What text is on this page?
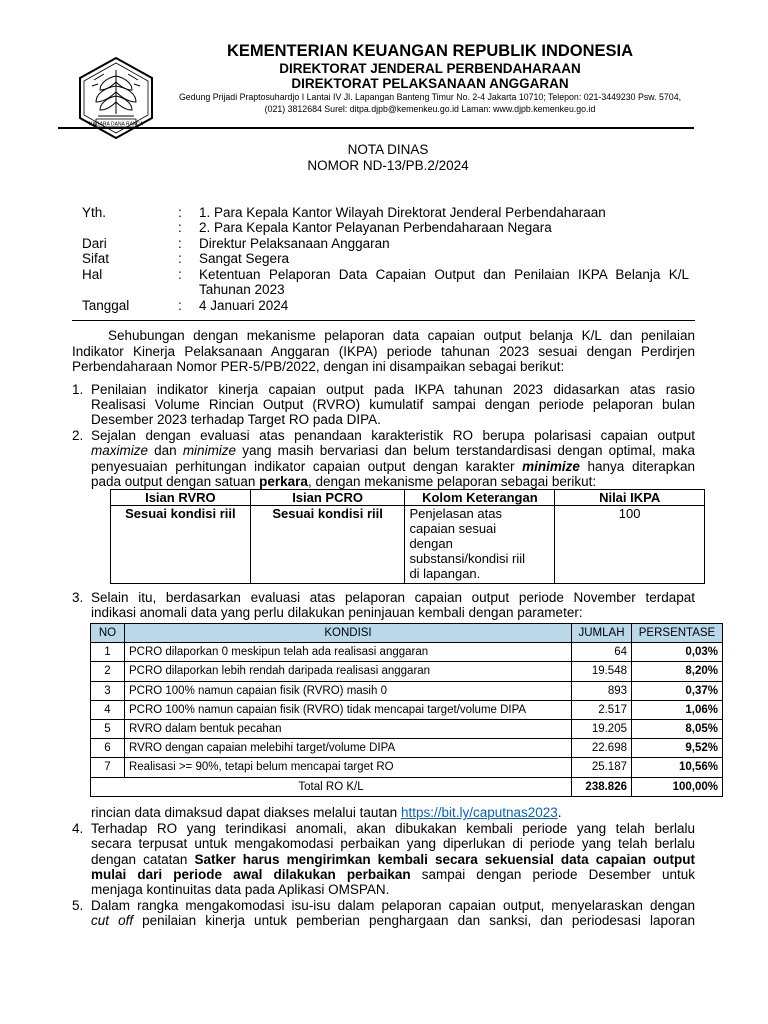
NAGARA DANA RAKCA
KEMENTERIAN KEUANGAN REPUBLIK INDONESIA
DIREKTORAT JENDERAL PERBENDAHARAAN
DIREKTORAT PELAKSANAAN ANGGARAN
Gedung Prijadi Praptosuhardjo I Lantai IV Jl. Lapangan Banteng Timur No. 2-4 Jakarta 10710; Telepon: 021-3449230 Psw. 5704,
(021) 3812684 Surel: ditpa.djpb@kemenkeu.go.id Laman: www.djpb.kemenkeu.go.id
NOTA DINAS
NOMOR ND-13/PB.2/2024
Yth.	: 1. Para Kepala Kantor Wilayah Direktorat Jenderal Perbendaharaan
: 2. Para Kepala Kantor Pelayanan Perbendaharaan Negara
Dari	: Direktur Pelaksanaan Anggaran
Sifat	: Sangat Segera
Hal	: Ketentuan Pelaporan Data Capaian Output dan Penilaian IKPA Belanja K/L
Tahunan 2023
Tanggal	: 4 Januari 2024
Sehubungan dengan mekanisme pelaporan data capaian output belanja K/L dan penilaian
Indikator Kinerja Pelaksanaan Anggaran (IKPA) periode tahunan 2023 sesuai dengan Perdirjen
Perbendaharaan Nomor PER-5/PB/2022, dengan ini disampaikan sebagai berikut:
1. Penilaian indikator kinerja capaian output pada IKPA tahunan 2023 didasarkan atas rasio
Realisasi Volume Rincian Output (RVRO) kumulatif sampai dengan periode pelaporan bulan
Desember 2023 terhadap Target RO pada DIPA.
2. Sejalan dengan evaluasi atas penandaan karakteristik RO berupa polarisasi capaian output
maximize dan minimize yang masih bervariasi dan belum terstandardisasi dengan optimal, maka
penyesuaian perhitungan indikator capaian output dengan karakter minimize hanya diterapkan
pada output dengan satuan perkara, dengan mekanisme pelaporan sebagai berikut:
Isian RVRO	Isian PCRO	Kolom Keterangan	Nilai IKPA
Sesuai kondisi riil	Sesuai kondisi riil	Penjelasan atas
capaian sesuai
dengan
substansi/kondisi riil
di lapangan.	100
3. Selain itu, berdasarkan evaluasi atas pelaporan capaian output periode November terdapat
indikasi anomali data yang perlu dilakukan peninjauan kembali dengan parameter:
NO	KONDISI	JUMLAH	PERSENTASE
1	PCRO dilaporkan 0 meskipun telah ada realisasi anggaran	64	0,03%
2	PCRO dilaporkan lebih rendah daripada realisasi anggaran	19.548	8,20%
3	PCRO 100% namun capaian fisik (RVRO) masih 0	893	0,37%
4	PCRO 100% namun capaian fisik (RVRO) tidak mencapai target/volume DIPA	2.517	1,06%
5	RVRO dalam bentuk pecahan	19.205	8,05%
6	RVRO dengan capaian melebihi target/volume DIPA	22.698	9,52%
7	Realisasi >= 90%, tetapi belum mencapai target RO	25.187	10,56%
Total RO K/L		238.826	100,00%
rincian data dimaksud dapat diakses melalui tautan https://bit.ly/caputnas2023.
4. Terhadap RO yang terindikasi anomali, akan dibukakan kembali periode yang telah berlalu
secara terpusat untuk mengakomodasi perbaikan yang diperlukan di periode yang telah berlalu
dengan catatan Satker harus mengirimkan kembali secara sekuensial data capaian output
mulai dari periode awal dilakukan perbaikan sampai dengan periode Desember untuk
menjaga kontinuitas data pada Aplikasi OMSPAN.
5. Dalam rangka mengakomodasi isu-isu dalam pelaporan capaian output, menyelaraskan dengan
cut off penilaian kinerja untuk pemberian penghargaan dan sanksi, dan periodesasi laporan
